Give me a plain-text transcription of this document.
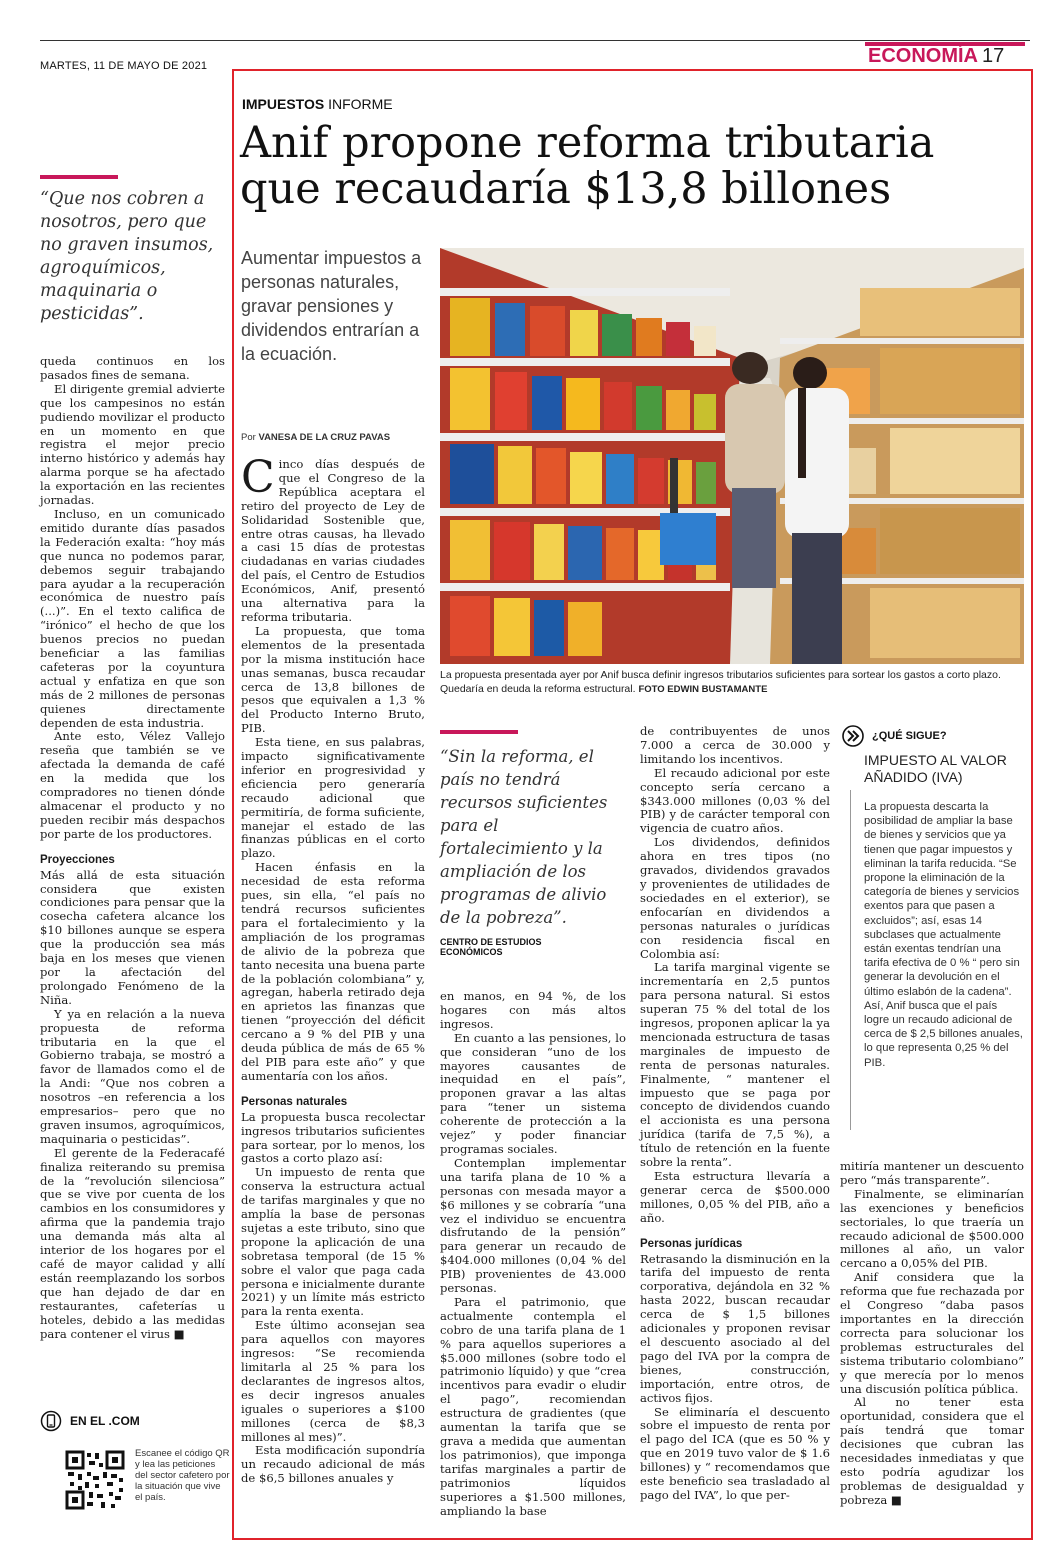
MARTES, 11 DE MAYO DE 2021	ECONOMÍA 17
“Que nos cobren a nosotros, pero que no graven insumos, agroquímicos, maquinaria o pesticidas”.

queda continuos en los pasados fines de semana.

El dirigente gremial advierte que los campesinos no están pudiendo movilizar el producto en un momento en que registra el mejor precio interno histórico y además hay alarma porque se ha afectado la exportación en las recientes jornadas.

Incluso, en un comunicado emitido durante días pasados la Federación exalta: “hoy más que nunca no podemos parar, debemos seguir trabajando para ayudar a la recuperación económica de nuestro país (...)”. En el texto califica de “irónico” el hecho de que los buenos precios no puedan beneficiar a las familias cafeteras por la coyuntura actual y enfatiza en que son más de 2 millones de personas quienes directamente dependen de esta industria.

Ante esto, Vélez Vallejo reseña que también se ve afectada la demanda de café en la medida que los compradores no tienen dónde almacenar el producto y no pueden recibir más despachos por parte de los productores.

Proyecciones

Más allá de esta situación considera que existen condiciones para pensar que la cosecha cafetera alcance los $10 billones aunque se espera que la producción sea más baja en los meses que vienen por la afectación del prolongado Fenómeno de la Niña.

Y ya en relación a la nueva propuesta de reforma tributaria en la que el Gobierno trabaja, se mostró a favor de llamados como el de la Andi: “Que nos cobren a nosotros –en referencia a los empresarios– pero que no graven insumos, agroquímicos, maquinaria o pesticidas”.

El gerente de la Federacafé finaliza reiterando su premisa de la “revolución silenciosa” que se vive por cuenta de los cambios en los consumidores y afirma que la pandemia trajo una demanda más alta al interior de los hogares por el café de mayor calidad y allí están reemplazando los sorbos que han dejado de dar en restaurantes, cafeterías u hoteles, debido a las medidas para contener el virus ■

EN EL .COM
Escanee el código QR y lea las peticiones del sector cafetero por la situación que vive el país.
IMPUESTOS INFORME
Anif propone reforma tributaria que recaudaría $13,8 billones
Aumentar impuestos a personas naturales, gravar pensiones y dividendos entrarían a la ecuación.
Por VANESA DE LA CRUZ PAVAS
La propuesta presentada ayer por Anif busca definir ingresos tributarios suficientes para sortear los gastos a corto plazo. Quedaría en deuda la reforma estructural. FOTO EDWIN BUSTAMANTE

Cinco días después de que el Congreso de la República aceptara el retiro del proyecto de Ley de Solidaridad Sostenible que, entre otras causas, ha llevado a casi 15 días de protestas ciudadanas en varias ciudades del país, el Centro de Estudios Económicos, Anif, presentó una alternativa para la reforma tributaria.

La propuesta, que toma elementos de la presentada por la misma institución hace unas semanas, busca recaudar cerca de 13,8 billones de pesos que equivalen a 1,3 % del Producto Interno Bruto, PIB.

Esta tiene, en sus palabras, impacto significativamente inferior en progresividad y eficiencia pero generaría recaudo adicional que permitiría, de forma suficiente, manejar el estado de las finanzas públicas en el corto plazo.

Hacen énfasis en la necesidad de esta reforma pues, sin ella, “el país no tendrá recursos suficientes para el fortalecimiento y la ampliación de los programas de alivio de la pobreza que tanto necesita una buena parte de la población colombiana” y, agregan, haberla retirado deja en aprietos las finanzas que tienen “proyección del déficit cercano a 9 % del PIB y una deuda pública de más de 65 % del PIB para este año” y que aumentaría con los años.

Personas naturales

La propuesta busca recolectar ingresos tributarios suficientes para sortear, por lo menos, los gastos a corto plazo así:

Un impuesto de renta que conserva la estructura actual de tarifas marginales y que no amplía la base de personas sujetas a este tributo, sino que propone la aplicación de una sobretasa temporal (de 15 % sobre el valor que paga cada persona e inicialmente durante 2021) y un límite más estricto para la renta exenta.

Este último aconsejan sea para aquellos con mayores ingresos: “Se recomienda limitarla al 25 % para los declarantes de ingresos altos, es decir ingresos anuales iguales o superiores a $100 millones (cerca de $8,3 millones al mes)”.

Esta modificación supondría un recaudo adicional de más de $6,5 billones anuales y

“Sin la reforma, el país no tendrá recursos suficientes para el fortalecimiento y la ampliación de los programas de alivio de la pobreza”.
CENTRO DE ESTUDIOS ECONÓMICOS

en manos, en 94 %, de los hogares con más altos ingresos.

En cuanto a las pensiones, lo que consideran “uno de los mayores causantes de inequidad en el país”, proponen gravar a las altas para “tener un sistema coherente de protección a la vejez” y poder financiar programas sociales.

Contemplan implementar una tarifa plana de 10 % a personas con mesada mayor a $6 millones y se cobraría “una vez el individuo se encuentra disfrutando de la pensión” para generar un recaudo de $404.000 millones (0,04 % del PIB) provenientes de 43.000 personas.

Para el patrimonio, que actualmente contempla el cobro de una tarifa plana de 1 % para aquellos superiores a $5.000 millones (sobre todo el patrimonio líquido) y que “crea incentivos para evadir o eludir el pago”, recomiendan estructura de gradientes (que aumentan la tarifa que se grava a medida que aumentan los patrimonios), que imponga tarifas marginales a partir de patrimonios líquidos superiores a $1.500 millones, ampliando la base

de contribuyentes de unos 7.000 a cerca de 30.000 y limitando los incentivos.

El recaudo adicional por este concepto sería cercano a $343.000 millones (0,03 % del PIB) y de carácter temporal con vigencia de cuatro años.

Los dividendos, definidos ahora en tres tipos (no gravados, dividendos gravados y provenientes de utilidades de sociedades en el exterior), se enfocarían en dividendos a personas naturales o jurídicas con residencia fiscal en Colombia así:

La tarifa marginal vigente se incrementaría en 2,5 puntos para persona natural. Si estos superan 75 % del total de los ingresos, proponen aplicar la ya mencionada estructura de tasas marginales de impuesto de renta de personas naturales. Finalmente, “ mantener el impuesto que se paga por concepto de dividendos cuando el accionista es una persona jurídica (tarifa de 7,5 %), a título de retención en la fuente sobre la renta”.

Esta estructura llevaría a generar cerca de $500.000 millones, 0,05 % del PIB, año a año.

Personas jurídicas

Retrasando la disminución en la tarifa del impuesto de renta corporativa, dejándola en 32 % hasta 2022, buscan recaudar cerca de $ 1,5 billones adicionales y proponen revisar el descuento asociado al del pago del IVA por la compra de bienes, construcción, importación, entre otros, de activos fijos.

Se eliminaría el descuento sobre el impuesto de renta por el pago del ICA (que es 50 % y que en 2019 tuvo valor de $ 1.6 billones) y “ recomendamos que este beneficio sea trasladado al pago del IVA”, lo que per-

¿QUÉ SIGUE?
IMPUESTO AL VALOR AÑADIDO (IVA)
La propuesta descarta la posibilidad de ampliar la base de bienes y servicios que ya tienen que pagar impuestos y eliminan la tarifa reducida. “Se propone la eliminación de la categoría de bienes y servicios exentos para que pasen a excluidos”; así, esas 14 subclases que actualmente están exentas tendrían una tarifa efectiva de 0 % “ pero sin generar la devolución en el último eslabón de la cadena”. Así, Anif busca que el país logre un recaudo adicional de cerca de $ 2,5 billones anuales, lo que representa 0,25 % del PIB.

mitiría mantener un descuento pero “más transparente”.

Finalmente, se eliminarían las exenciones y beneficios sectoriales, lo que traería un recaudo adicional de $500.000 millones al año, un valor cercano a 0,05% del PIB.

Anif considera que la reforma que fue rechazada por el Congreso “daba pasos importantes en la dirección correcta para solucionar los problemas estructurales del sistema tributario colombiano” y que merecía por lo menos una discusión política pública.

Al no tener esta oportunidad, considera que el país tendrá que tomar decisiones que cubran las necesidades inmediatas y que esto podría agudizar los problemas de desigualdad y pobreza ■
